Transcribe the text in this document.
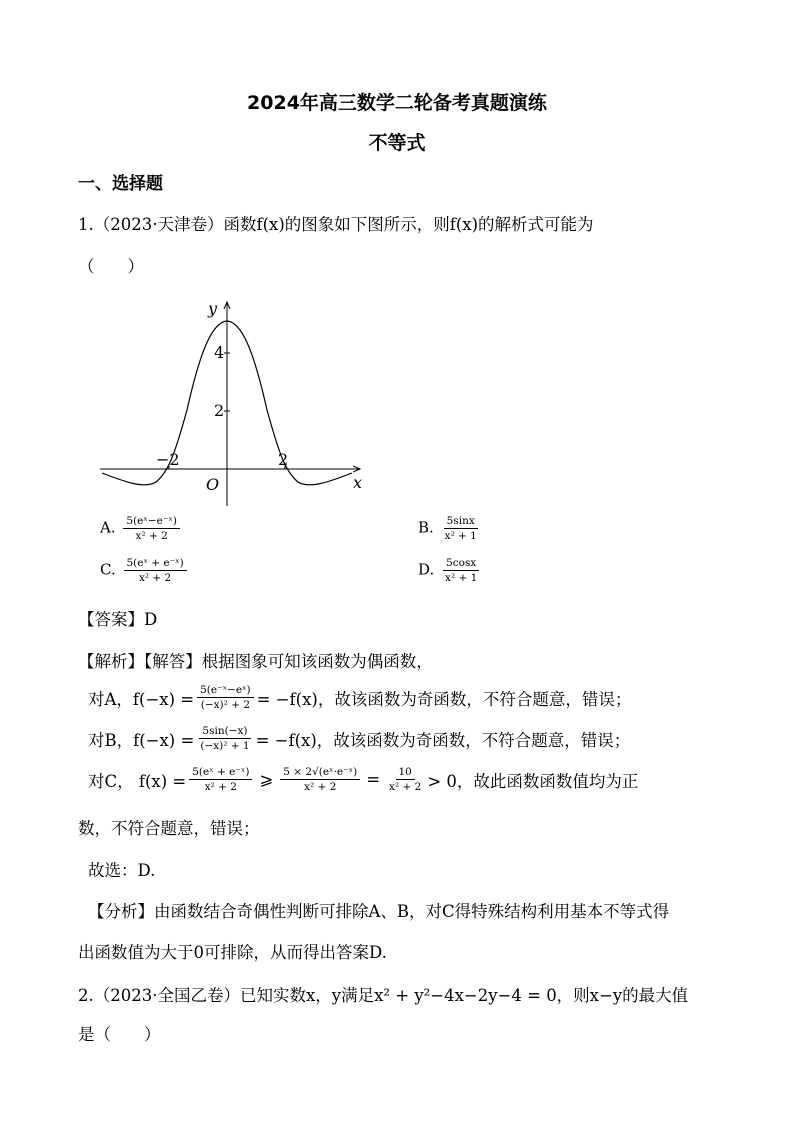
2024年高三数学二轮备考真题演练
不等式
一、选择题
1.（2023·天津卷）函数f(x)的图象如下图所示，则f(x)的解析式可能为
（　　）
y
x
O
4
2
−2	2
A. $\frac{\text{5(eˣ−e⁻ˣ)}}{\text{x² + 2}}$	B. $\frac{5\sin x}{\text{x² + 1}}$
C. $\frac{\text{5(eˣ + e⁻ˣ)}}{\text{x² + 2}}$	D. $\frac{5\cos x}{\text{x² + 1}}$
【答案】D
【解析】【解答】根据图象可知该函数为偶函数，
对A，$f(-x) = \frac{\text{5(e⁻ˣ−eˣ)}}{\text{(−x)² + 2}} = -f(x)$，故该函数为奇函数，不符合题意，错误；
对B，$f(-x) = \frac{5\sin(-x)}{\text{(−x)² + 1}} = -f(x)$，故该函数为奇函数，不符合题意，错误；
对C， $f(x) = \frac{\text{5(eˣ + e⁻ˣ)}}{\text{x² + 2}}$ ⩾ $\frac{\text{5 × 2√(eˣ·e⁻ˣ)}}{\text{x² + 2}} = \frac{10}{\text{x² + 2}} > 0$，故此函数函数值均为正
数，不符合题意，错误；
故选：D.
【分析】由函数结合奇偶性判断可排除A、B，对C得特殊结构利用基本不等式得
出函数值为大于0可排除，从而得出答案D.
2.（2023·全国乙卷）已知实数x，y满足x² + y²−4x−2y−4 = 0，则x−y的最大值
是（　　）
